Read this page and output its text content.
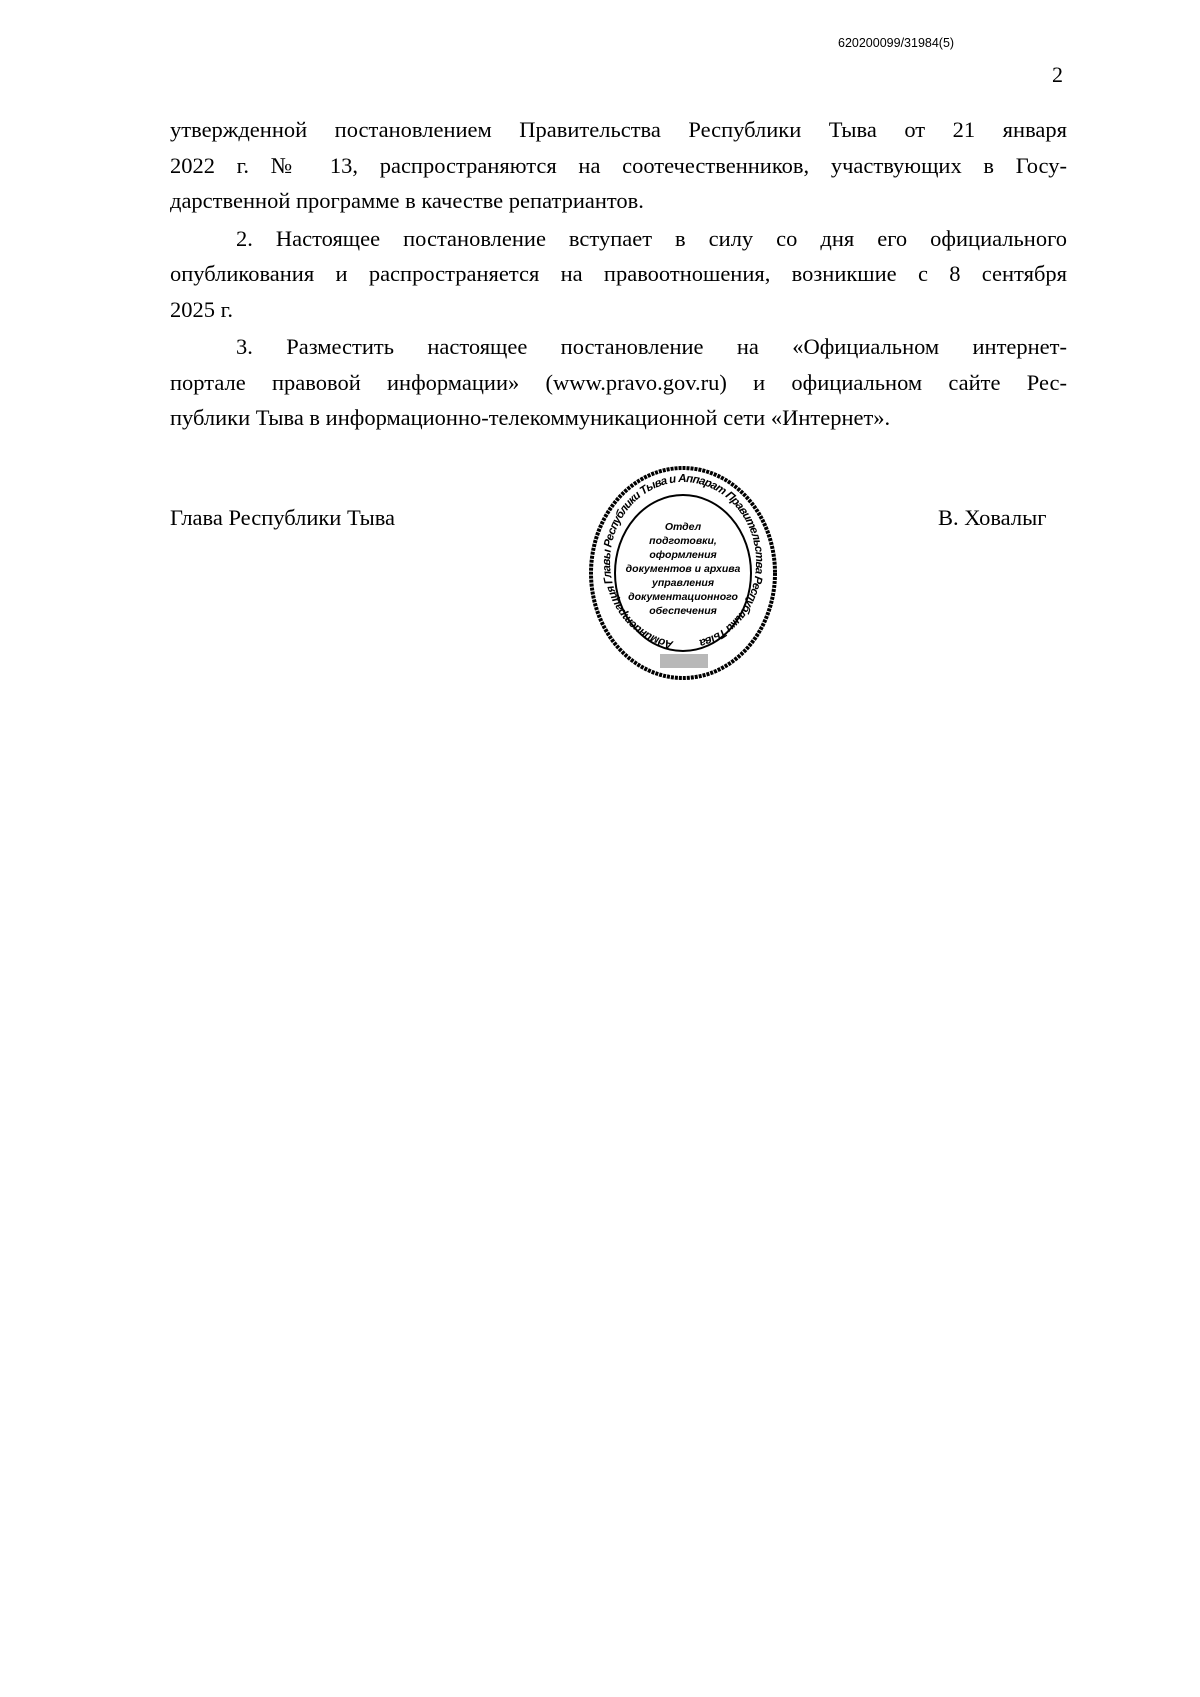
620200099/31984(5)
2
утвержденной постановлением Правительства Республики Тыва от 21 января
2022 г. № 13, распространяются на соотечественников, участвующих в Госу-
дарственной программе в качестве репатриантов.
2. Настоящее постановление вступает в силу со дня его официального
опубликования и распространяется на правоотношения, возникшие с 8 сентября
2025 г.
3. Разместить настоящее постановление на «Официальном интернет-
портале правовой информации» (www.pravo.gov.ru) и официальном сайте Рес-
публики Тыва в информационно-телекоммуникационной сети «Интернет».
Глава Республики Тыва	В. Ховалыг
Администрация Главы Республики Тыва и Аппарат Правительства Республики Тыва
Отдел
подготовки,
оформления
документов и архива
управления
документационного
обеспечения
